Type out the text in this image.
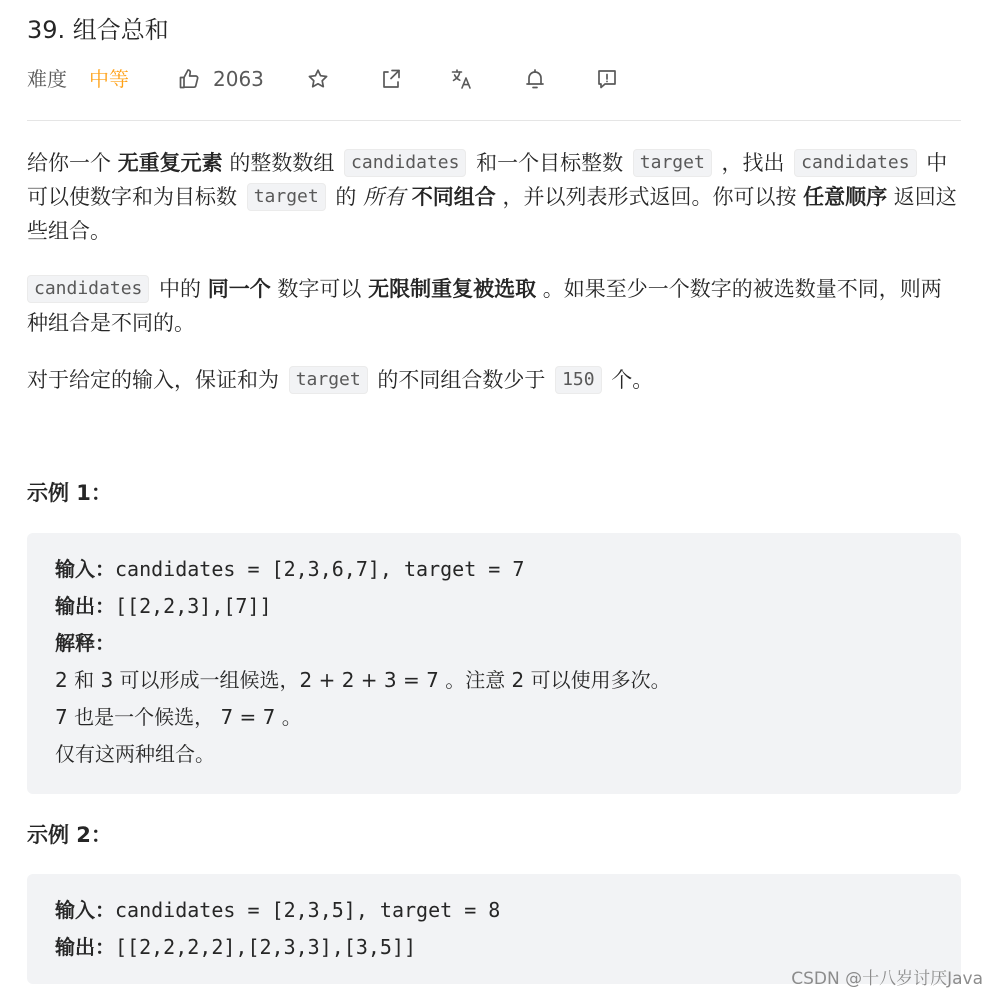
39. 组合总和
难度 中等	2063
给你一个 无重复元素 的整数数组 candidates 和一个目标整数 target ，找出 candidates 中可以使数字和为目标数 target 的 所有 不同组合 ，并以列表形式返回。你可以按 任意顺序 返回这些组合。
candidates 中的 同一个 数字可以 无限制重复被选取 。如果至少一个数字的被选数量不同，则两种组合是不同的。
对于给定的输入，保证和为 target 的不同组合数少于 150 个。
示例 1：
输入：candidates = [2,3,6,7], target = 7
输出：[[2,2,3],[7]]
解释：
2 和 3 可以形成一组候选，2 + 2 + 3 = 7 。注意 2 可以使用多次。
7 也是一个候选， 7 = 7 。
仅有这两种组合。
示例 2：
输入：candidates = [2,3,5], target = 8
输出：[[2,2,2,2],[2,3,3],[3,5]]
CSDN @十八岁讨厌Java
